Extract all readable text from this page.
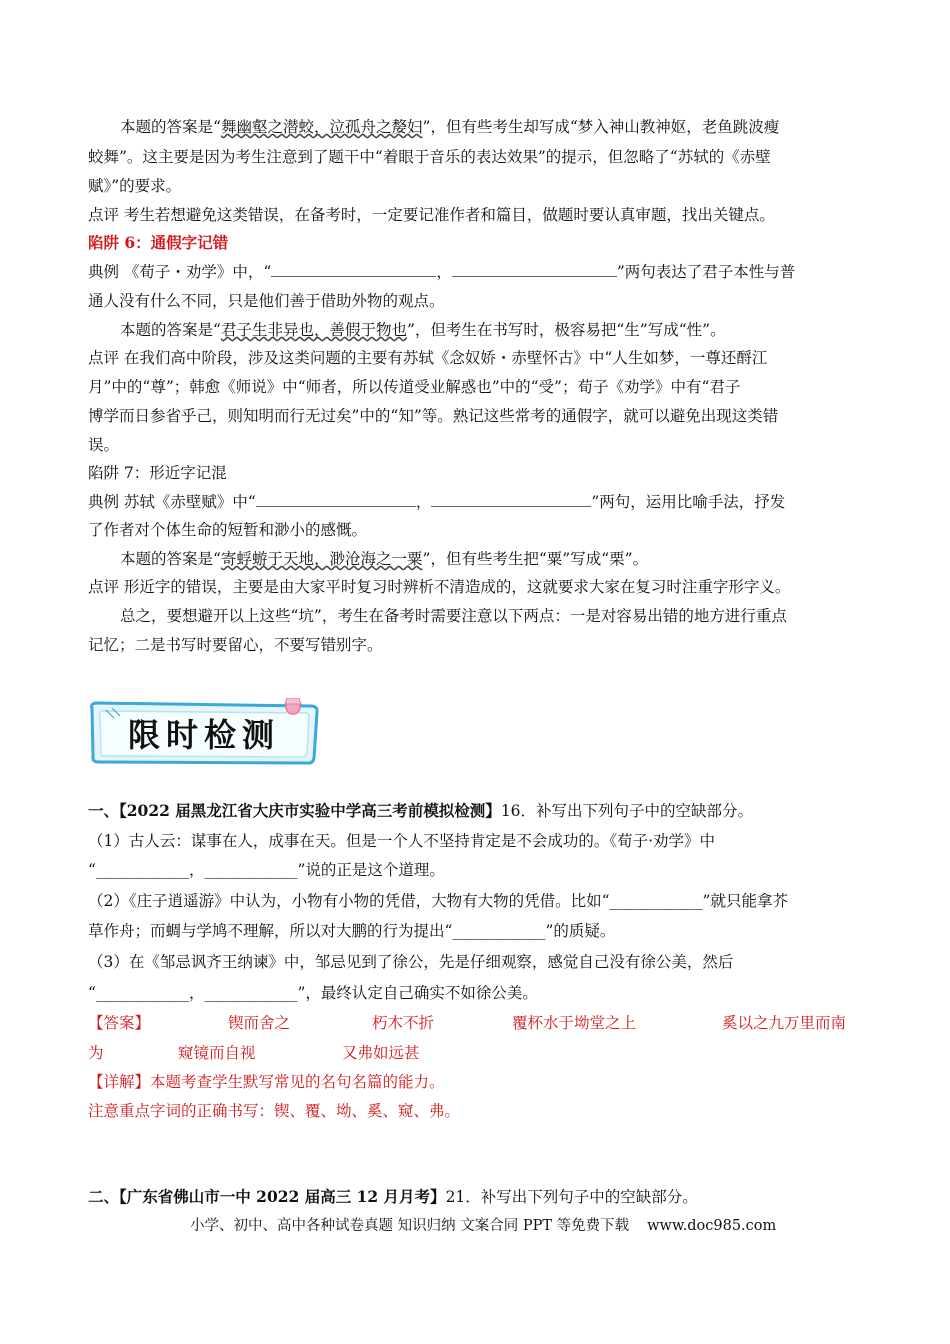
本题的答案是“舞幽壑之潜蛟，泣孤舟之嫠妇”，但有些考生却写成“梦入神山教神妪，老鱼跳波瘦
蛟舞”。这主要是因为考生注意到了题干中“着眼于音乐的表达效果”的提示，但忽略了“苏轼的《赤壁
赋》”的要求。
点评 考生若想避免这类错误，在备考时，一定要记准作者和篇目，做题时要认真审题，找出关键点。
陷阱 6：通假字记错
典例 《荀子・劝学》中，“	，	”两句表达了君子本性与普
通人没有什么不同，只是他们善于借助外物的观点。
本题的答案是“君子生非异也，善假于物也”，但考生在书写时，极容易把“生”写成“性”。
点评 在我们高中阶段，涉及这类问题的主要有苏轼《念奴娇・赤壁怀古》中“人生如梦，一尊还酹江
月”中的“尊”；韩愈《师说》中“师者，所以传道受业解惑也”中的“受”；荀子《劝学》中有“君子
博学而日参省乎己，则知明而行无过矣”中的“知”等。熟记这些常考的通假字，就可以避免出现这类错
误。
陷阱 7：形近字记混
典例 苏轼《赤壁赋》中“	，	”两句，运用比喻手法，抒发
了作者对个体生命的短暂和渺小的感慨。
本题的答案是“寄蜉蝣于天地，渺沧海之一粟”，但有些考生把“粟”写成“栗”。
点评 形近字的错误，主要是由大家平时复习时辨析不清造成的，这就要求大家在复习时注重字形字义。
总之，要想避开以上这些“坑”，考生在备考时需要注意以下两点：一是对容易出错的地方进行重点
记忆；二是书写时要留心，不要写错别字。
限时检测
一、【2022 届黑龙江省大庆市实验中学高三考前模拟检测】16．补写出下列句子中的空缺部分。
（1）古人云：谋事在人，成事在天。但是一个人不坚持肯定是不会成功的。《荀子·劝学》中
“____________，____________”说的正是这个道理。
（2）《庄子逍遥游》中认为，小物有小物的凭借，大物有大物的凭借。比如“____________”就只能拿芥
草作舟；而蜩与学鸠不理解，所以对大鹏的行为提出“____________”的质疑。
（3）在《邹忌讽齐王纳谏》中，邹忌见到了徐公，先是仔细观察，感觉自己没有徐公美，然后
“____________，____________”，最终认定自己确实不如徐公美。
【答案】	锲而舍之	朽木不折	覆杯水于坳堂之上	奚以之九万里而南
为	窥镜而自视	又弗如远甚
【详解】本题考查学生默写常见的名句名篇的能力。
注意重点字词的正确书写：锲、覆、坳、奚、窥、弗。
二、【广东省佛山市一中 2022 届高三 12 月月考】21．补写出下列句子中的空缺部分。
小学、初中、高中各种试卷真题 知识归纳 文案合同 PPT 等免费下载 www.doc985.com
